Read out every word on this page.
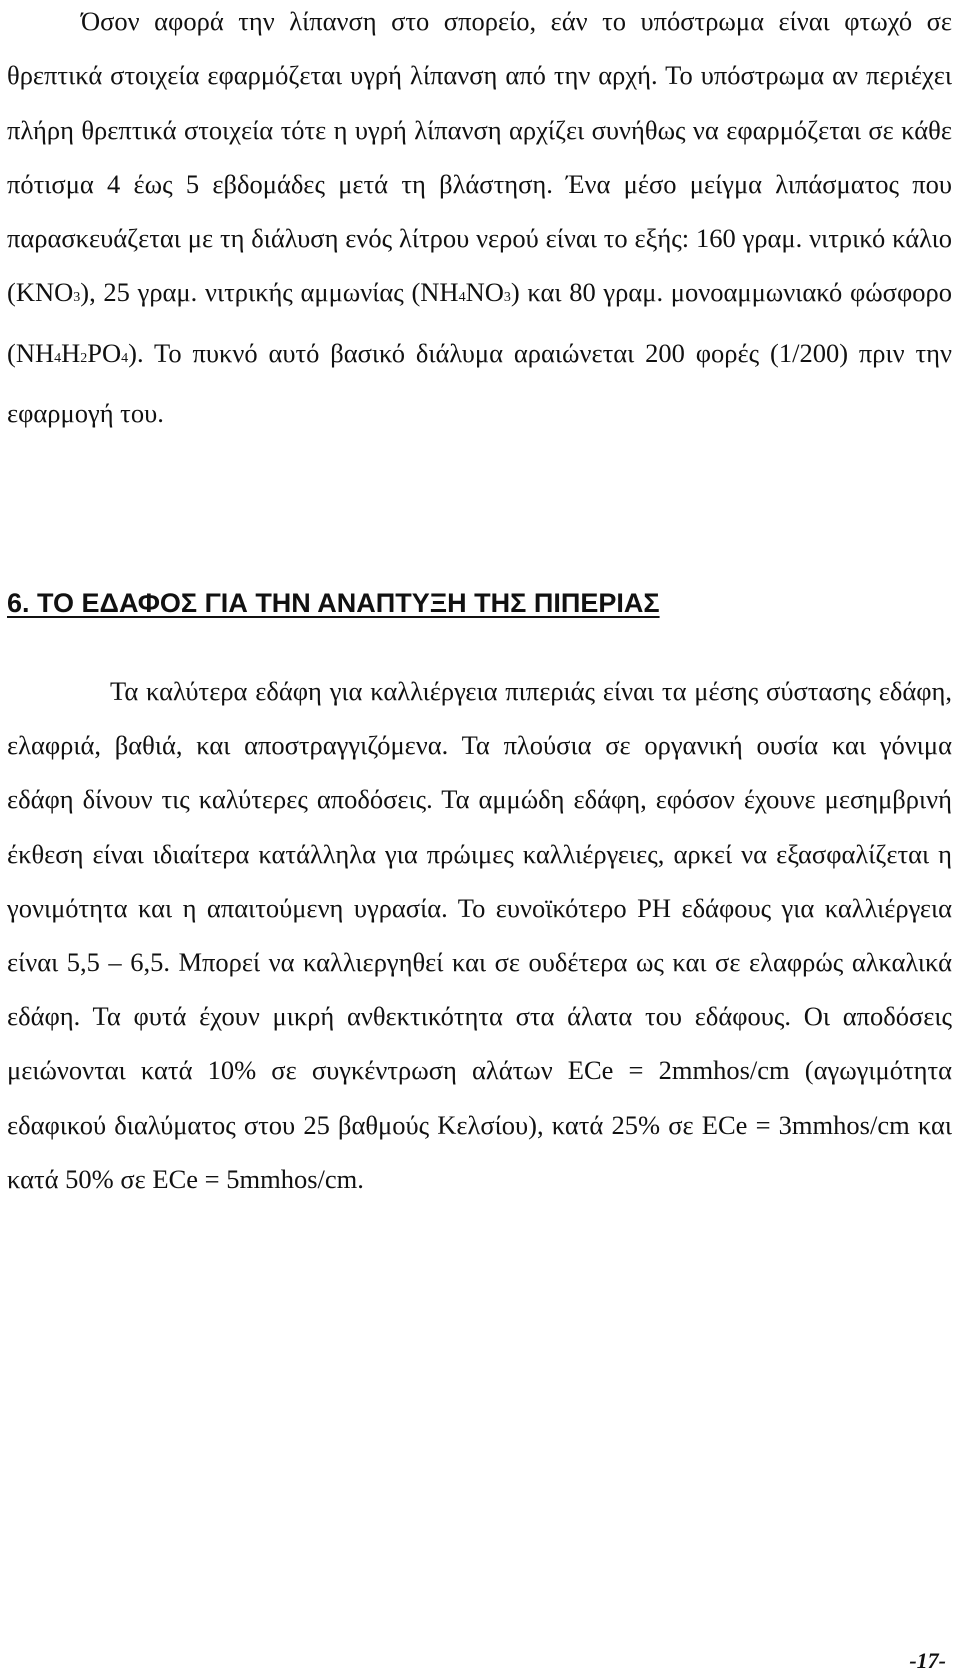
Όσον αφορά την λίπανση στο σπορείο, εάν το υπόστρωμα είναι φτωχό σε θρεπτικά στοιχεία εφαρμόζεται υγρή λίπανση από την αρχή. Το υπόστρωμα αν περιέχει πλήρη θρεπτικά στοιχεία τότε η υγρή λίπανση αρχίζει συνήθως να εφαρμόζεται σε κάθε πότισμα 4 έως 5 εβδομάδες μετά τη βλάστηση. Ένα μέσο μείγμα λιπάσματος που παρασκευάζεται με τη διάλυση ενός λίτρου νερού είναι το εξής: 160 γραμ. νιτρικό κάλιο (KNO3), 25 γραμ. νιτρικής αμμωνίας (NH4NO3) και 80 γραμ. μονοαμμωνιακό φώσφορο (NH4H2PO4). Το πυκνό αυτό βασικό διάλυμα αραιώνεται 200 φορές (1/200) πριν την εφαρμογή του.

6. ΤΟ ΕΔΑΦΟΣ ΓΙΑ ΤΗΝ ΑΝΑΠΤΥΞΗ ΤΗΣ ΠΙΠΕΡΙΑΣ

Τα καλύτερα εδάφη για καλλιέργεια πιπεριάς είναι τα μέσης σύστασης εδάφη, ελαφριά, βαθιά, και αποστραγγιζόμενα. Τα πλούσια σε οργανική ουσία και γόνιμα εδάφη δίνουν τις καλύτερες αποδόσεις. Τα αμμώδη εδάφη, εφόσον έχουνε μεσημβρινή έκθεση είναι ιδιαίτερα κατάλληλα για πρώιμες καλλιέργειες, αρκεί να εξασφαλίζεται η γονιμότητα και η απαιτούμενη υγρασία. Το ευνοϊκότερο PH εδάφους για καλλιέργεια είναι 5,5 – 6,5. Μπορεί να καλλιεργηθεί και σε ουδέτερα ως και σε ελαφρώς αλκαλικά εδάφη. Τα φυτά έχουν μικρή ανθεκτικότητα στα άλατα του εδάφους. Οι αποδόσεις μειώνονται κατά 10% σε συγκέντρωση αλάτων ECe = 2mmhos/cm (αγωγιμότητα εδαφικού διαλύματος στου 25 βαθμούς Κελσίου), κατά 25% σε ECe = 3mmhos/cm και κατά 50% σε ECe = 5mmhos/cm.

-17-
